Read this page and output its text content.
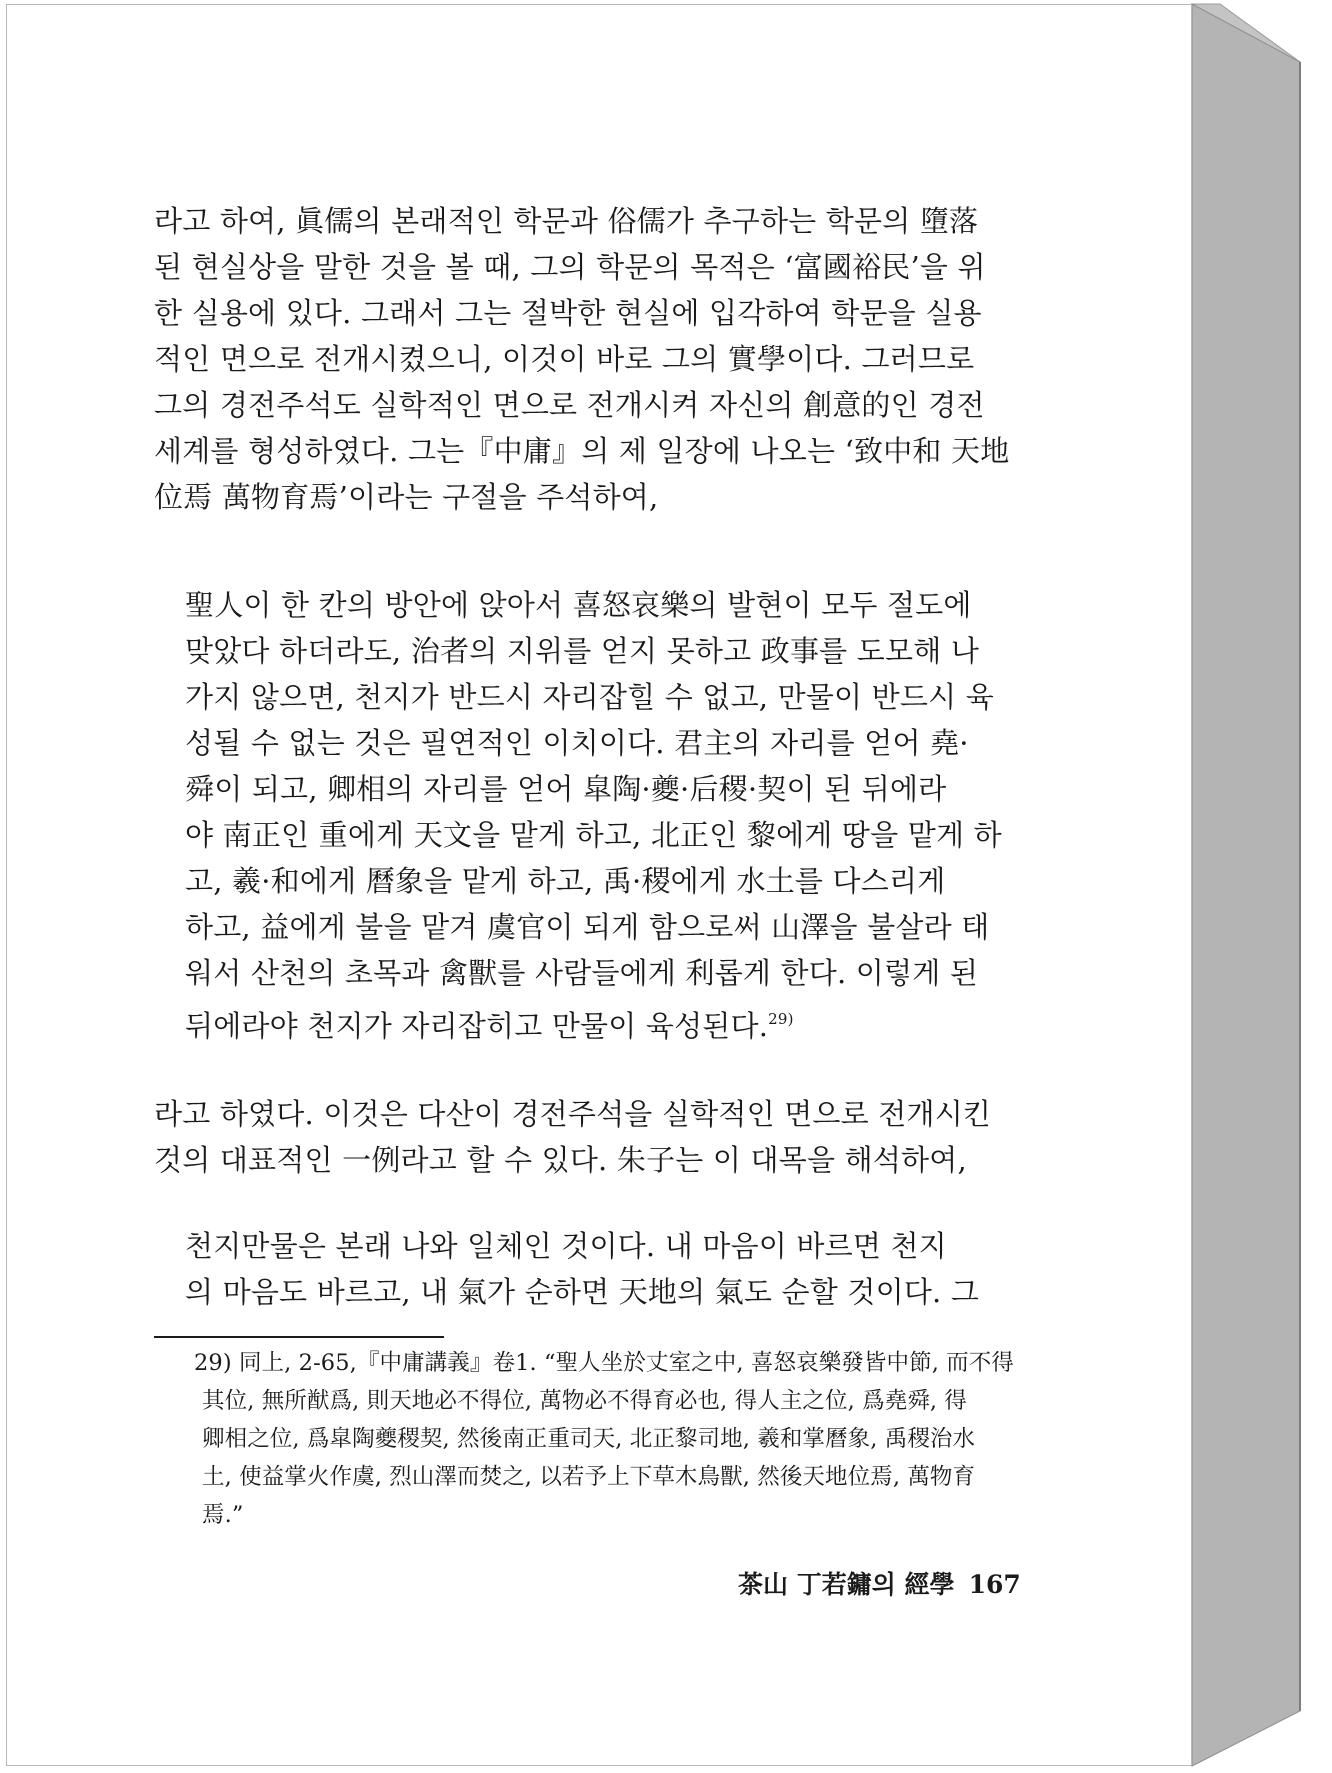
라고 하여, 眞儒의 본래적인 학문과 俗儒가 추구하는 학문의 墮落

된 현실상을 말한 것을 볼 때, 그의 학문의 목적은 ‘富國裕民’을 위

한 실용에 있다. 그래서 그는 절박한 현실에 입각하여 학문을 실용

적인 면으로 전개시켰으니, 이것이 바로 그의 實學이다. 그러므로

그의 경전주석도 실학적인 면으로 전개시켜 자신의 創意的인 경전

세계를 형성하였다. 그는『中庸』의 제 일장에 나오는 ‘致中和 天地

位焉 萬物育焉’이라는 구절을 주석하여,

聖人이 한 칸의 방안에 앉아서 喜怒哀樂의 발현이 모두 절도에

맞았다 하더라도, 治者의 지위를 얻지 못하고 政事를 도모해 나

가지 않으면, 천지가 반드시 자리잡힐 수 없고, 만물이 반드시 육

성될 수 없는 것은 필연적인 이치이다. 君主의 자리를 얻어 堯·

舜이 되고, 卿相의 자리를 얻어 皐陶·夔·后稷·契이 된 뒤에라

야 南正인 重에게 天文을 맡게 하고, 北正인 黎에게 땅을 맡게 하

고, 羲·和에게 曆象을 맡게 하고, 禹·稷에게 水土를 다스리게

하고, 益에게 불을 맡겨 虞官이 되게 함으로써 山澤을 불살라 태

워서 산천의 초목과 禽獸를 사람들에게 利롭게 한다. 이렇게 된

뒤에라야 천지가 자리잡히고 만물이 육성된다.$^{29)}$

라고 하였다. 이것은 다산이 경전주석을 실학적인 면으로 전개시킨

것의 대표적인 一例라고 할 수 있다. 朱子는 이 대목을 해석하여,

천지만물은 본래 나와 일체인 것이다. 내 마음이 바르면 천지

의 마음도 바르고, 내 氣가 순하면 天地의 氣도 순할 것이다. 그

29) 同上, 2-65,『中庸講義』卷1. “聖人坐於丈室之中, 喜怒哀樂發皆中節, 而不得

其位, 無所猷爲, 則天地必不得位, 萬物必不得育必也, 得人主之位, 爲堯舜, 得

卿相之位, 爲皐陶夔稷契, 然後南正重司天, 北正黎司地, 羲和掌曆象, 禹稷治水

土, 使益掌火作虞, 烈山澤而焚之, 以若予上下草木鳥獸, 然後天地位焉, 萬物育

焉.”

茶山 丁若鏞의 經學 167
